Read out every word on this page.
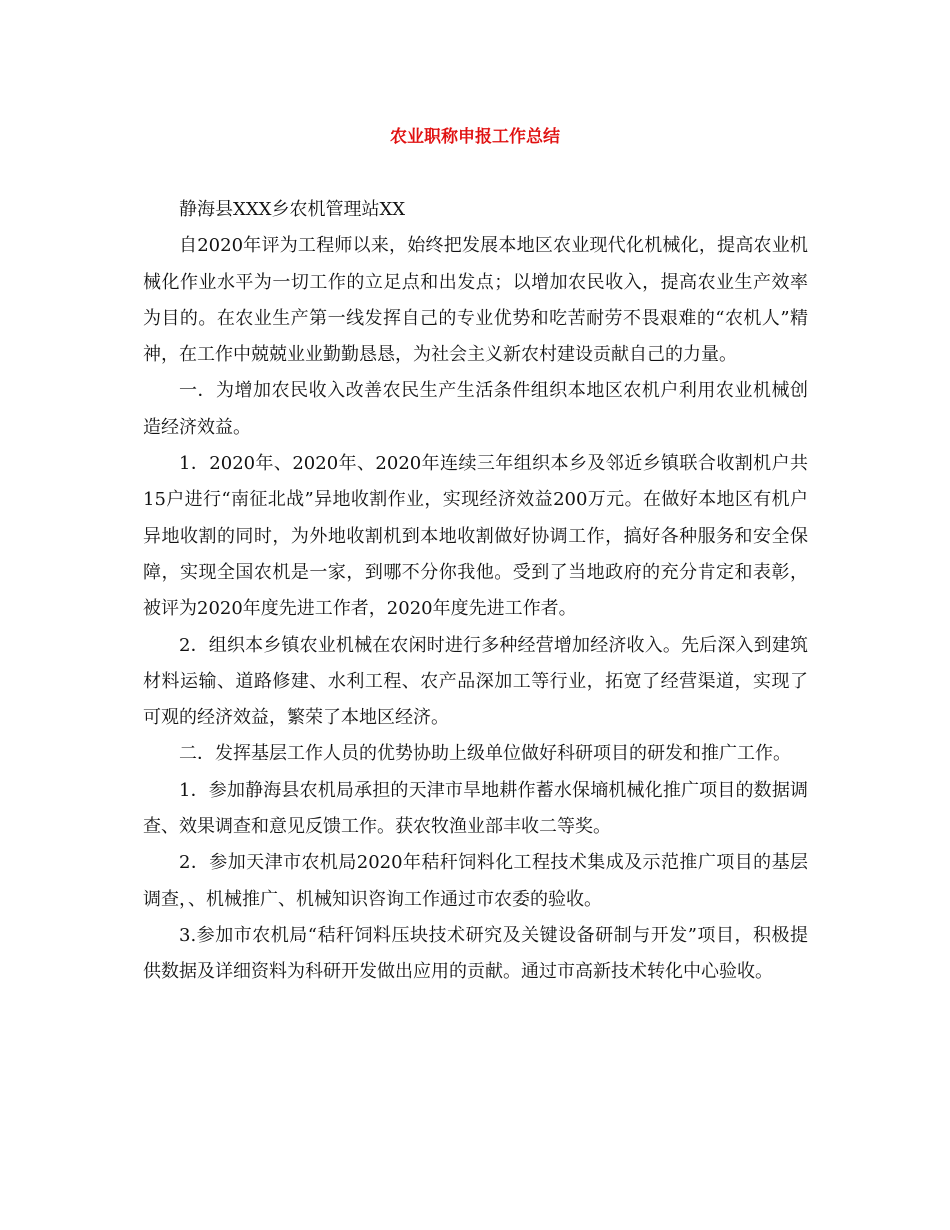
农业职称申报工作总结

静海县XXX乡农机管理站XX

自2020年评为工程师以来，始终把发展本地区农业现代化机械化，提高农业机械化作业水平为一切工作的立足点和出发点；以增加农民收入，提高农业生产效率为目的。在农业生产第一线发挥自己的专业优势和吃苦耐劳不畏艰难的“农机人”精神，在工作中兢兢业业勤勤恳恳，为社会主义新农村建设贡献自己的力量。

一．为增加农民收入改善农民生产生活条件组织本地区农机户利用农业机械创造经济效益。

1．2020年、2020年、2020年连续三年组织本乡及邻近乡镇联合收割机户共15户进行“南征北战”异地收割作业，实现经济效益200万元。在做好本地区有机户异地收割的同时，为外地收割机到本地收割做好协调工作，搞好各种服务和安全保障，实现全国农机是一家，到哪不分你我他。受到了当地政府的充分肯定和表彰，被评为2020年度先进工作者，2020年度先进工作者。

2．组织本乡镇农业机械在农闲时进行多种经营增加经济收入。先后深入到建筑材料运输、道路修建、水利工程、农产品深加工等行业，拓宽了经营渠道，实现了可观的经济效益，繁荣了本地区经济。

二．发挥基层工作人员的优势协助上级单位做好科研项目的研发和推广工作。

1．参加静海县农机局承担的天津市旱地耕作蓄水保墒机械化推广项目的数据调查、效果调查和意见反馈工作。获农牧渔业部丰收二等奖。

2．参加天津市农机局2020年秸秆饲料化工程技术集成及示范推广项目的基层调查，、机械推广、机械知识咨询工作通过市农委的验收。

3.参加市农机局“秸秆饲料压块技术研究及关键设备研制与开发”项目，积极提供数据及详细资料为科研开发做出应用的贡献。通过市高新技术转化中心验收。
